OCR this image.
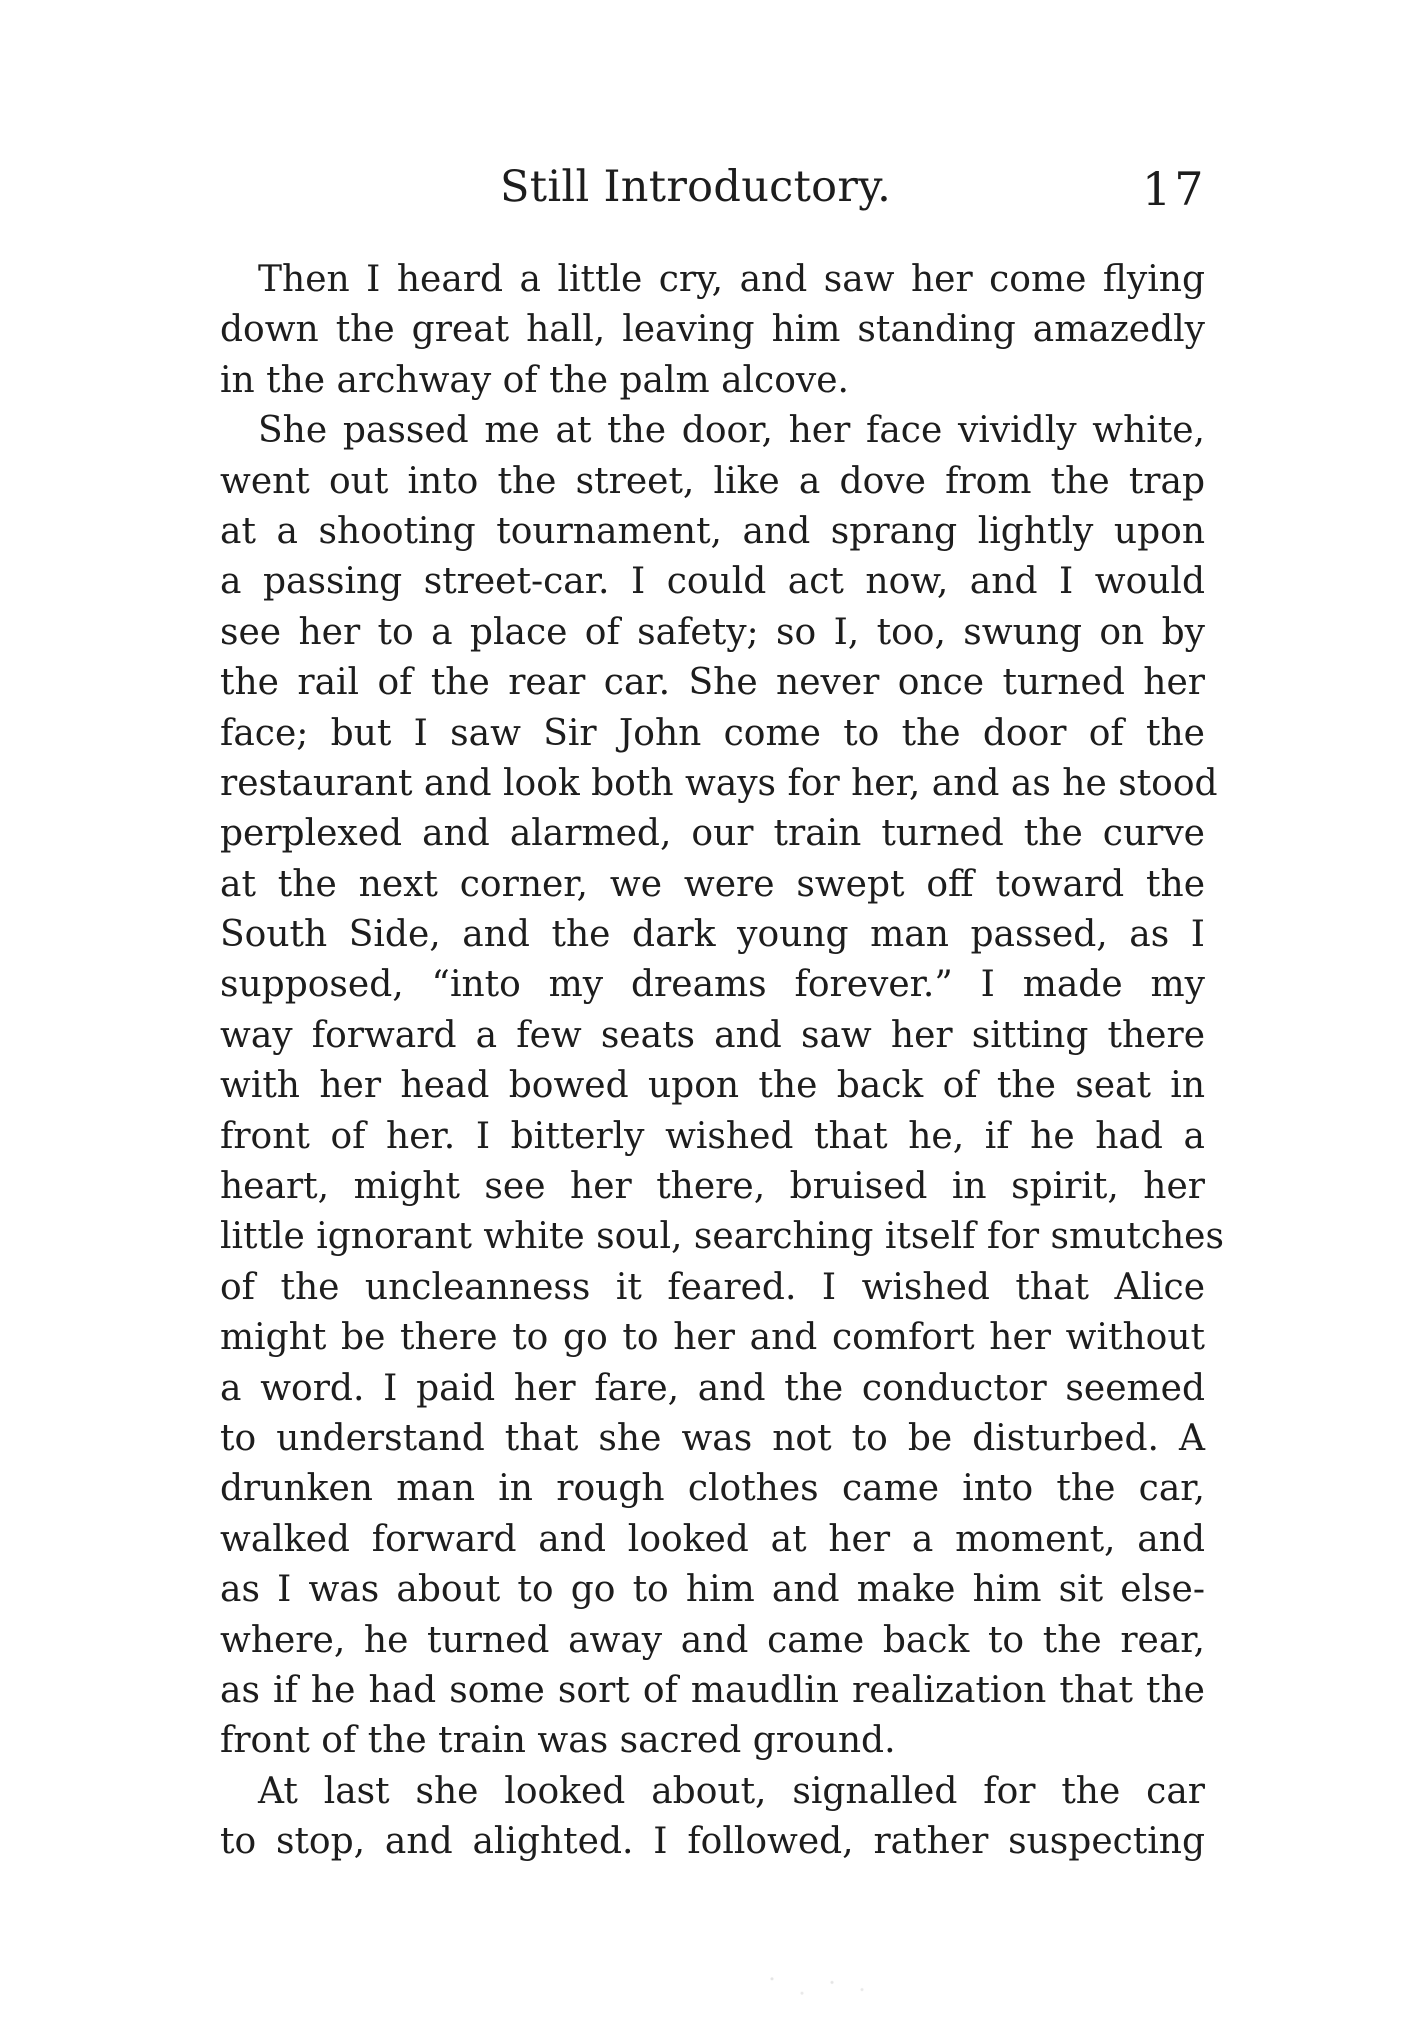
Still Introductory.	17
Then I heard a little cry, and saw her come flying
down the great hall, leaving him standing amazedly
in the archway of the palm alcove.
She passed me at the door, her face vividly white,
went out into the street, like a dove from the trap
at a shooting tournament, and sprang lightly upon
a passing street-car. I could act now, and I would
see her to a place of safety; so I, too, swung on by
the rail of the rear car. She never once turned her
face; but I saw Sir John come to the door of the
restaurant and look both ways for her, and as he stood
perplexed and alarmed, our train turned the curve
at the next corner, we were swept off toward the
South Side, and the dark young man passed, as I
supposed, “into my dreams forever.” I made my
way forward a few seats and saw her sitting there
with her head bowed upon the back of the seat in
front of her. I bitterly wished that he, if he had a
heart, might see her there, bruised in spirit, her
little ignorant white soul, searching itself for smutches
of the uncleanness it feared. I wished that Alice
might be there to go to her and comfort her without
a word. I paid her fare, and the conductor seemed
to understand that she was not to be disturbed. A
drunken man in rough clothes came into the car,
walked forward and looked at her a moment, and
as I was about to go to him and make him sit else-
where, he turned away and came back to the rear,
as if he had some sort of maudlin realization that the
front of the train was sacred ground.
At last she looked about, signalled for the car
to stop, and alighted. I followed, rather suspecting
